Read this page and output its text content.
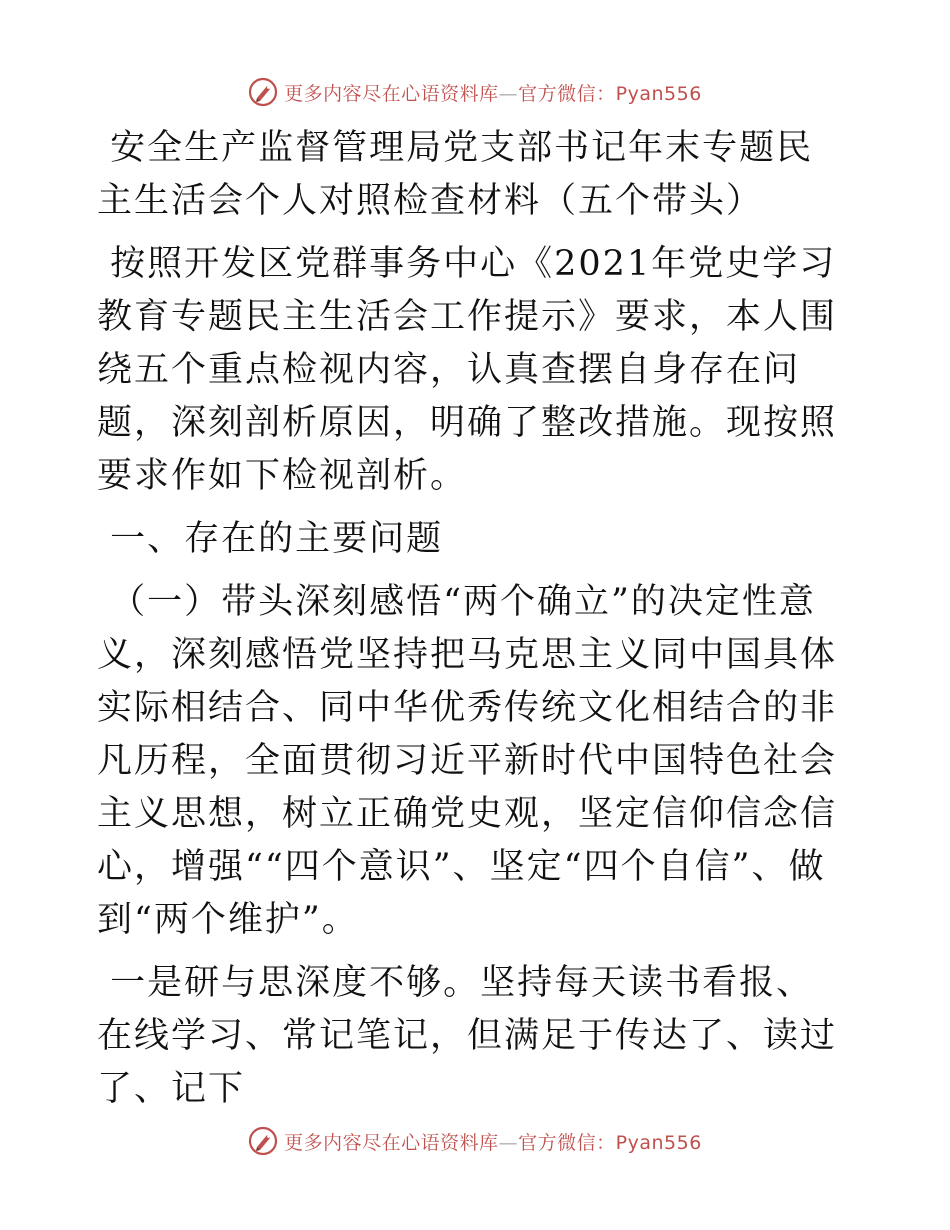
更多内容尽在心语资料库—官方微信：Pyan556

安全生产监督管理局党支部书记年末专题民主生活会个人对照检查材料（五个带头）

按照开发区党群事务中心《2021年党史学习教育专题民主生活会工作提示》要求，本人围绕五个重点检视内容，认真查摆自身存在问题，深刻剖析原因，明确了整改措施。现按照要求作如下检视剖析。

一、存在的主要问题

（一）带头深刻感悟“两个确立”的决定性意义，深刻感悟党坚持把马克思主义同中国具体实际相结合、同中华优秀传统文化相结合的非凡历程，全面贯彻习近平新时代中国特色社会主义思想，树立正确党史观，坚定信仰信念信心，增强““四个意识”、坚定“四个自信”、做到“两个维护”。

一是研与思深度不够。坚持每天读书看报、在线学习、常记笔记，但满足于传达了、读过了、记下

更多内容尽在心语资料库—官方微信：Pyan556
